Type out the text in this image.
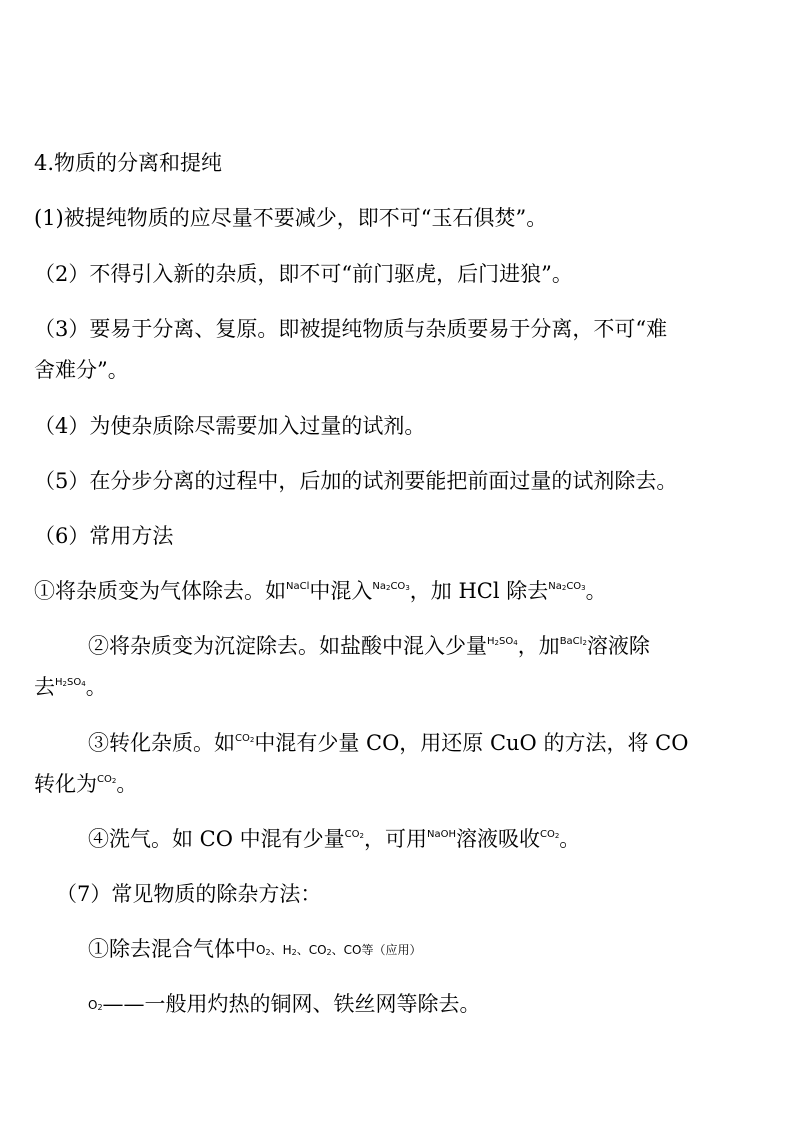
4.物质的分离和提纯
(1)被提纯物质的应尽量不要减少，即不可“玉石俱焚”。
（2）不得引入新的杂质，即不可“前门驱虎，后门进狼”。
（3）要易于分离、复原。即被提纯物质与杂质要易于分离，不可“难
舍难分”。
（4）为使杂质除尽需要加入过量的试剂。
（5）在分步分离的过程中，后加的试剂要能把前面过量的试剂除去。
（6）常用方法
①将杂质变为气体除去。如$^{NaCl}$中混入$^{Na_2CO_3}$，加 HCl 除去$^{Na_2CO_3}$。
②将杂质变为沉淀除去。如盐酸中混入少量$^{H_2SO_4}$，加$^{BaCl_2}$溶液除
去$^{H_2SO_4}$。
③转化杂质。如$^{CO_2}$中混有少量 CO，用还原 CuO 的方法，将 CO
转化为$^{CO_2}$。
④洗气。如 CO 中混有少量$^{CO_2}$，可用$^{NaOH}$溶液吸收$^{CO_2}$。
（7）常见物质的除杂方法：
①除去混合气体中$O_2$、$H_2$、$CO_2$、CO等（应用）
$O_2——$一般用灼热的铜网、铁丝网等除去。
